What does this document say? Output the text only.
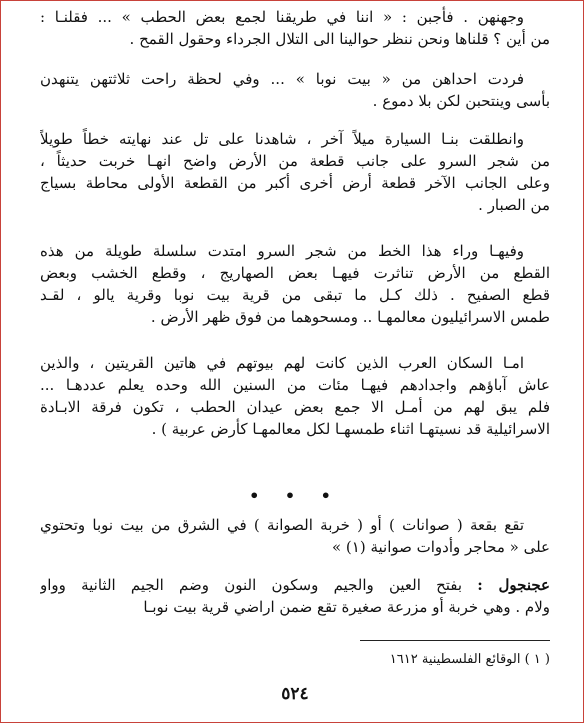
وجهنهن . فأجبن : « اننا في طريقنا لجمع بعض الحطب » ... فقلنـا :
من أين ؟ قلناها ونحن ننظر حوالينا الى التلال الجرداء وحقول القمح .

فردت احداهن من « بيت نوبا » ... وفي لحظة راحت ثلاثتهن يتنهدن
بأسى وينتحبن لكن بلا دموع .

وانطلقت بنـا السيارة ميلاً آخر ، شاهدنا على تل عند نهايته خطاً طويلاً
من شجر السرو على جانب قطعة من الأرض واضح انهـا خربت حديثاً ،
وعلى الجانب الآخر قطعة أرض أخرى أكبر من القطعة الأولى محاطة بسياج
من الصبار .

وفيهـا وراء هذا الخط من شجر السرو امتدت سلسلة طويلة من هذه
القطع من الأرض تناثرت فيهـا بعض الصهاريج ، وقطع الخشب وبعض
قطع الصفيح . ذلك كـل ما تبقى من قرية بيت نوبا وقرية يالو ، لقـد
طمس الاسرائيليون معالمهـا .. ومسحوهما من فوق ظهر الأرض .

امـا السكان العرب الذين كانت لهم بيوتهم في هاتين القريتين ، والذين
عاش آباؤهم واجدادهم فيهـا مئات من السنين الله وحده يعلم عددهـا ...
فلم يبق لهم من أمـل الا جمع بعض عيدان الحطب ، تكون فرقة الابـادة
الاسرائيلية قد نسيتهـا اثناء طمسهـا لكل معالمهـا كأرض عربية ) .

• • •

تقع بقعة ( صوانات ) أو ( خربة الصوانة ) في الشرق من بيت نوبا وتحتوي
على « محاجر وأدوات صوانية (١) »

عجنجول : بفتح العين والجيم وسكون النون وضم الجيم الثانية وواو
ولام . وهي خربة أو مزرعة صغيرة تقع ضمن اراضي قرية بيت نوبـا

( ١ ) الوقائع الفلسطينية ١٦١٢
٥٢٤
